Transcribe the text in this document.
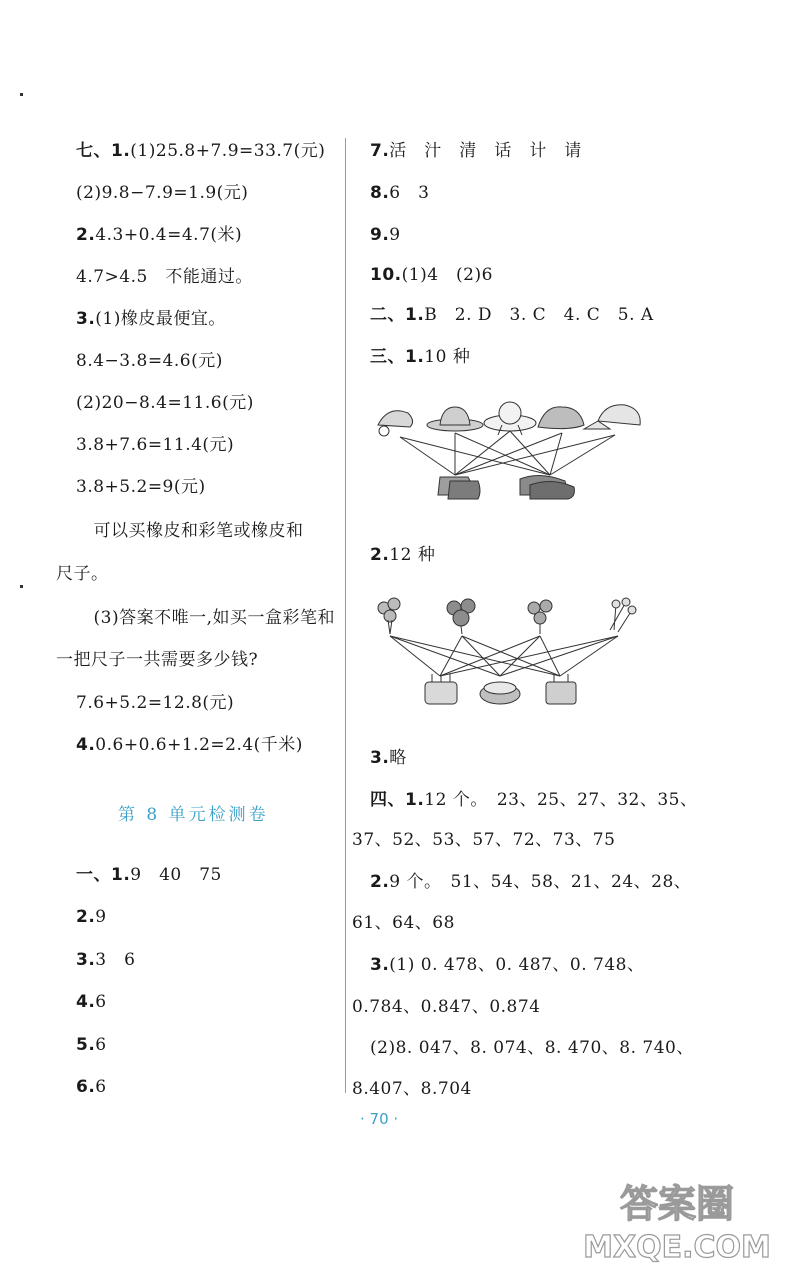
七、1.(1)25.8+7.9=33.7(元)
(2)9.8−7.9=1.9(元)
2.4.3+0.4=4.7(米)
4.7>4.5　不能通过。
3.(1)橡皮最便宜。
8.4−3.8=4.6(元)
(2)20−8.4=11.6(元)
3.8+7.6=11.4(元)
3.8+5.2=9(元)
　可以买橡皮和彩笔或橡皮和
尺子。
　(3)答案不唯一,如买一盒彩笔和
一把尺子一共需要多少钱?
7.6+5.2=12.8(元)
4.0.6+0.6+1.2=2.4(千米)
第 8 单元检测卷
一、1.9　40　75
2.9
3.3　6
4.6
5.6
6.6
7.活　汁　清　话　计　请
8.6　3
9.9
10.(1)4　(2)6
二、1.B　2. D　3. C　4. C　5. A
三、1.10 种
2.12 种
3.略
四、1.12 个。　23、25、27、32、35、
37、52、53、57、72、73、75
2.9 个。　51、54、58、21、24、28、
61、64、68
3.(1) 0. 478、0. 487、0. 748、
0.784、0.847、0.874
(2)8. 047、8. 074、8. 470、8. 740、
8.407、8.704
· 70 ·
答案圈
MXQE.COM
